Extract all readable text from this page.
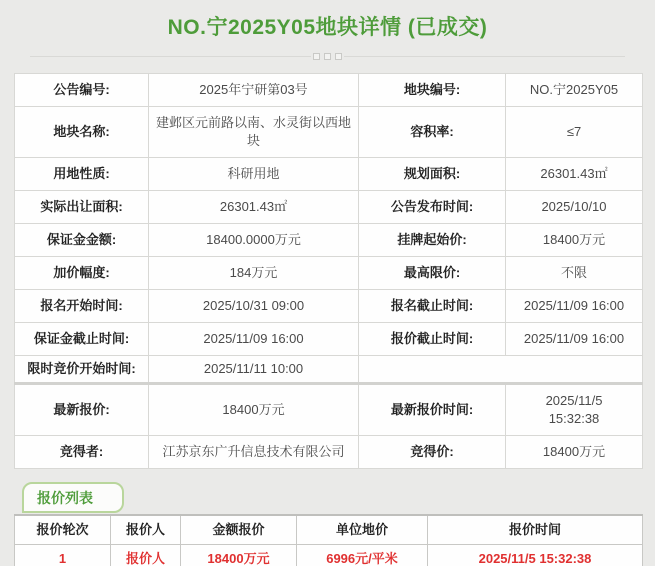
NO.宁2025Y05地块详情 (已成交)
公告编号:	2025年宁研第03号	地块编号:	NO.宁2025Y05
地块名称:	建邺区元前路以南、水灵街以西地块	容积率:	≤7
用地性质:	科研用地	规划面积:	26301.43㎡
实际出让面积:	26301.43㎡	公告发布时间:	2025/10/10
保证金金额:	18400.0000万元	挂牌起始价:	18400万元
加价幅度:	184万元	最高限价:	不限
报名开始时间:	2025/10/31 09:00	报名截止时间:	2025/11/09 16:00
保证金截止时间:	2025/11/09 16:00	报价截止时间:	2025/11/09 16:00
限时竞价开始时间:	2025/11/11 10:00		
最新报价:	18400万元	最新报价时间:	2025/11/5
15:32:38
竞得者:	江苏京东广升信息技术有限公司	竞得价:	18400万元
报价列表
报价轮次	报价人	金额报价	单位地价	报价时间
1	报价人	18400万元	6996元/平米	2025/11/5 15:32:38
